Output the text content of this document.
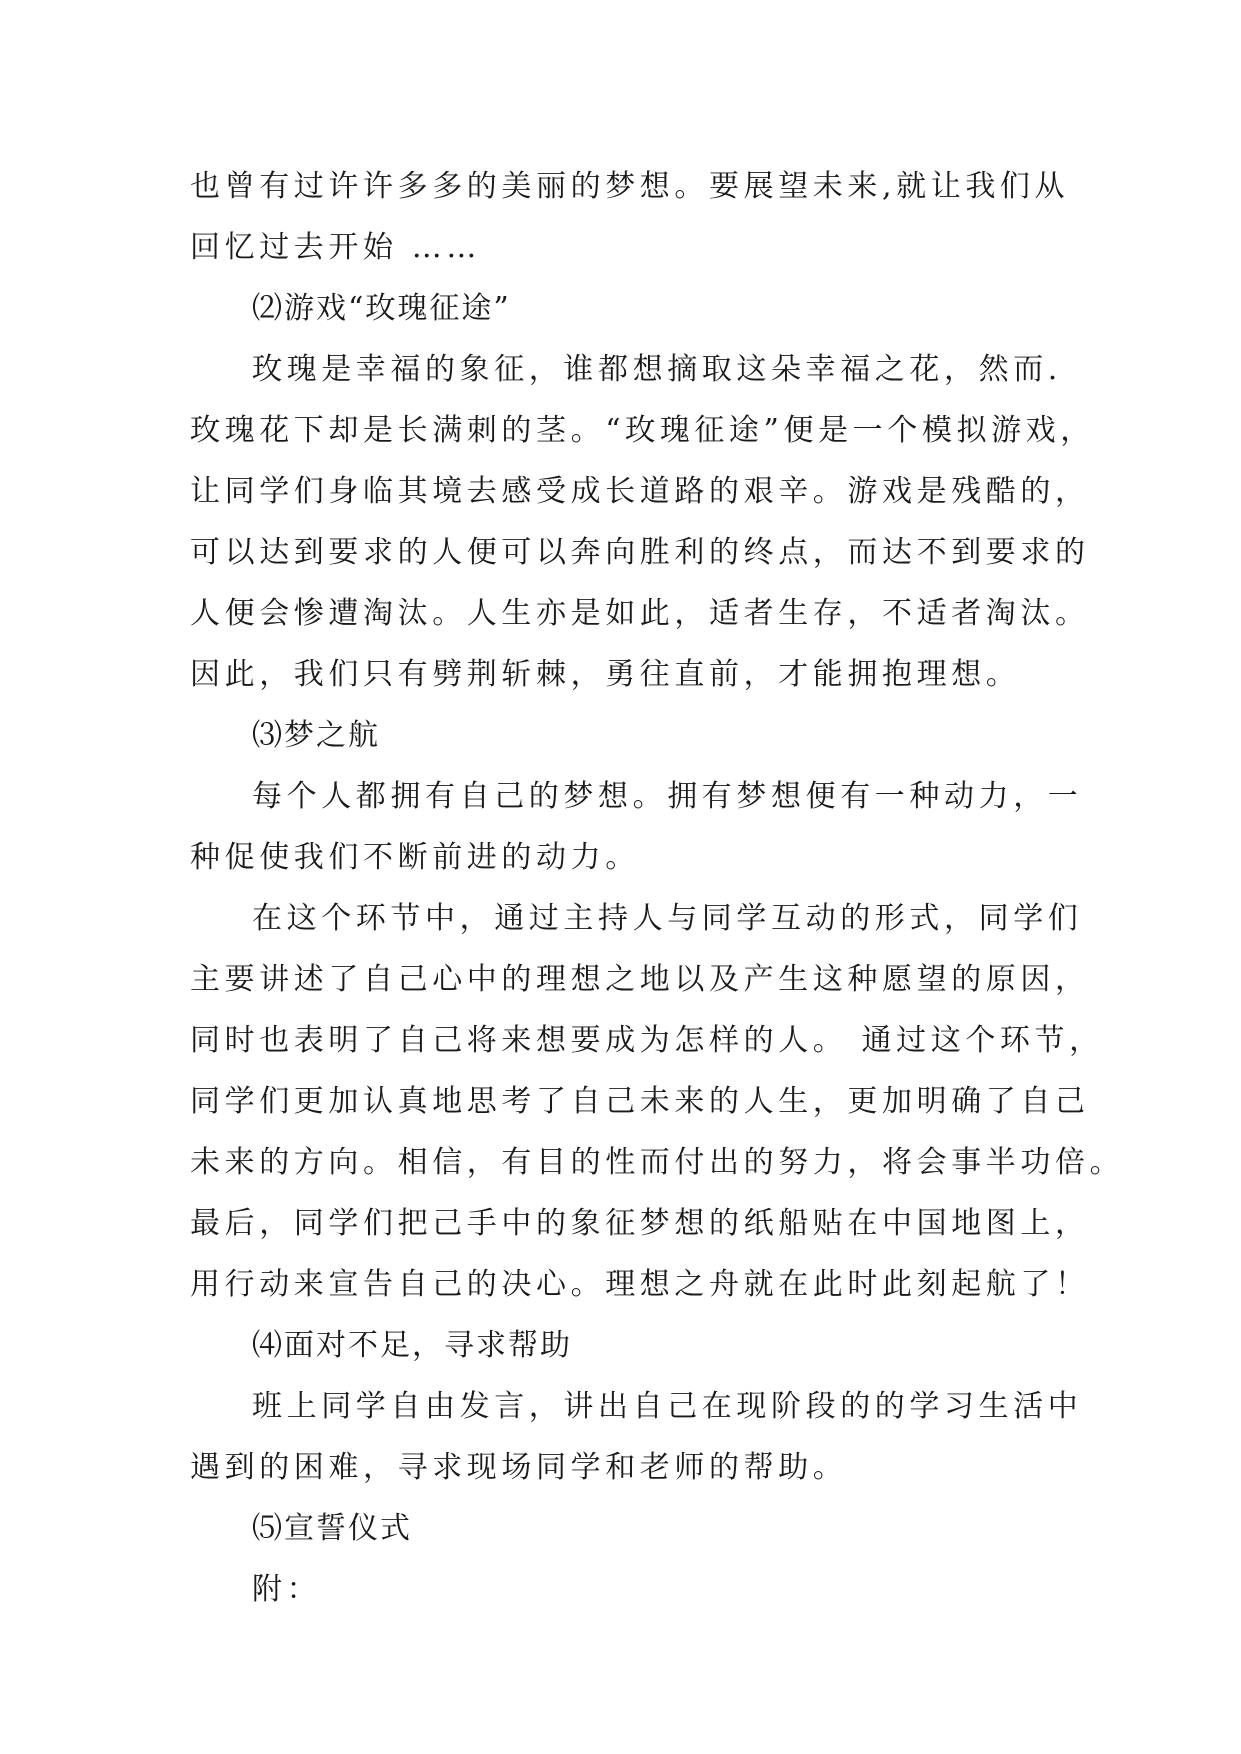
也曾有过许许多多的美丽的梦想。要展望未来,就让我们从
回忆过去开始 ……
⑵游戏“玫瑰征途”
玫瑰是幸福的象征，谁都想摘取这朵幸福之花，然而.
玫瑰花下却是长满刺的茎。“玫瑰征途”便是一个模拟游戏，
让同学们身临其境去感受成长道路的艰辛。游戏是残酷的，
可以达到要求的人便可以奔向胜利的终点，而达不到要求的
人便会惨遭淘汰。人生亦是如此，适者生存，不适者淘汰。
因此，我们只有劈荆斩棘，勇往直前，才能拥抱理想。
⑶梦之航
每个人都拥有自己的梦想。拥有梦想便有一种动力，一
种促使我们不断前进的动力。
在这个环节中，通过主持人与同学互动的形式，同学们
主要讲述了自己心中的理想之地以及产生这种愿望的原因，
同时也表明了自己将来想要成为怎样的人。 通过这个环节，
同学们更加认真地思考了自己未来的人生，更加明确了自己
未来的方向。相信，有目的性而付出的努力，将会事半功倍。
最后，同学们把己手中的象征梦想的纸船贴在中国地图上，
用行动来宣告自己的决心。理想之舟就在此时此刻起航了！
⑷面对不足，寻求帮助
班上同学自由发言，讲出自己在现阶段的的学习生活中
遇到的困难，寻求现场同学和老师的帮助。
⑸宣誓仪式
附：
